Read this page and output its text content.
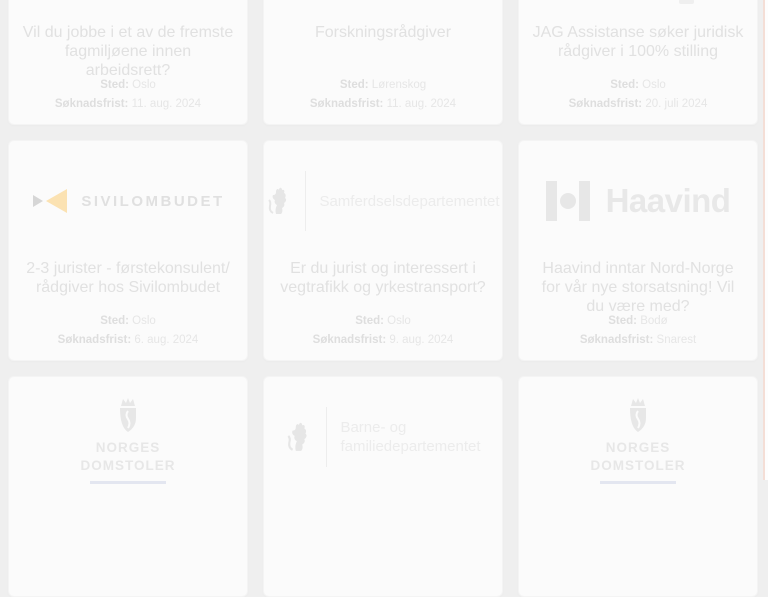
Vil du jobbe i et av de fremste fagmiljøene innen arbeidsrett?

Sted: Oslo

Søknadsfrist: 11. aug. 2024

Forskningsrådgiver

Sted: Lørenskog

Søknadsfrist: 11. aug. 2024

JAG Assistanse søker juridisk rådgiver i 100% stilling

Sted: Oslo

Søknadsfrist: 20. juli 2024

SIVILOMBUDET
2-3 jurister - førstekonsulent/ rådgiver hos Sivilombudet

Sted: Oslo

Søknadsfrist: 6. aug. 2024

Samferdselsdepartementet
Er du jurist og interessert i vegtrafikk og yrkestransport?

Sted: Oslo

Søknadsfrist: 9. aug. 2024

Haavind
Haavind inntar Nord-Norge for vår nye storsatsning! Vil du være med?

Sted: Bodø

Søknadsfrist: Snarest

NORGES
DOMSTOLER
Barne- og
familiedepartementet	NORGES
DOMSTOLER
